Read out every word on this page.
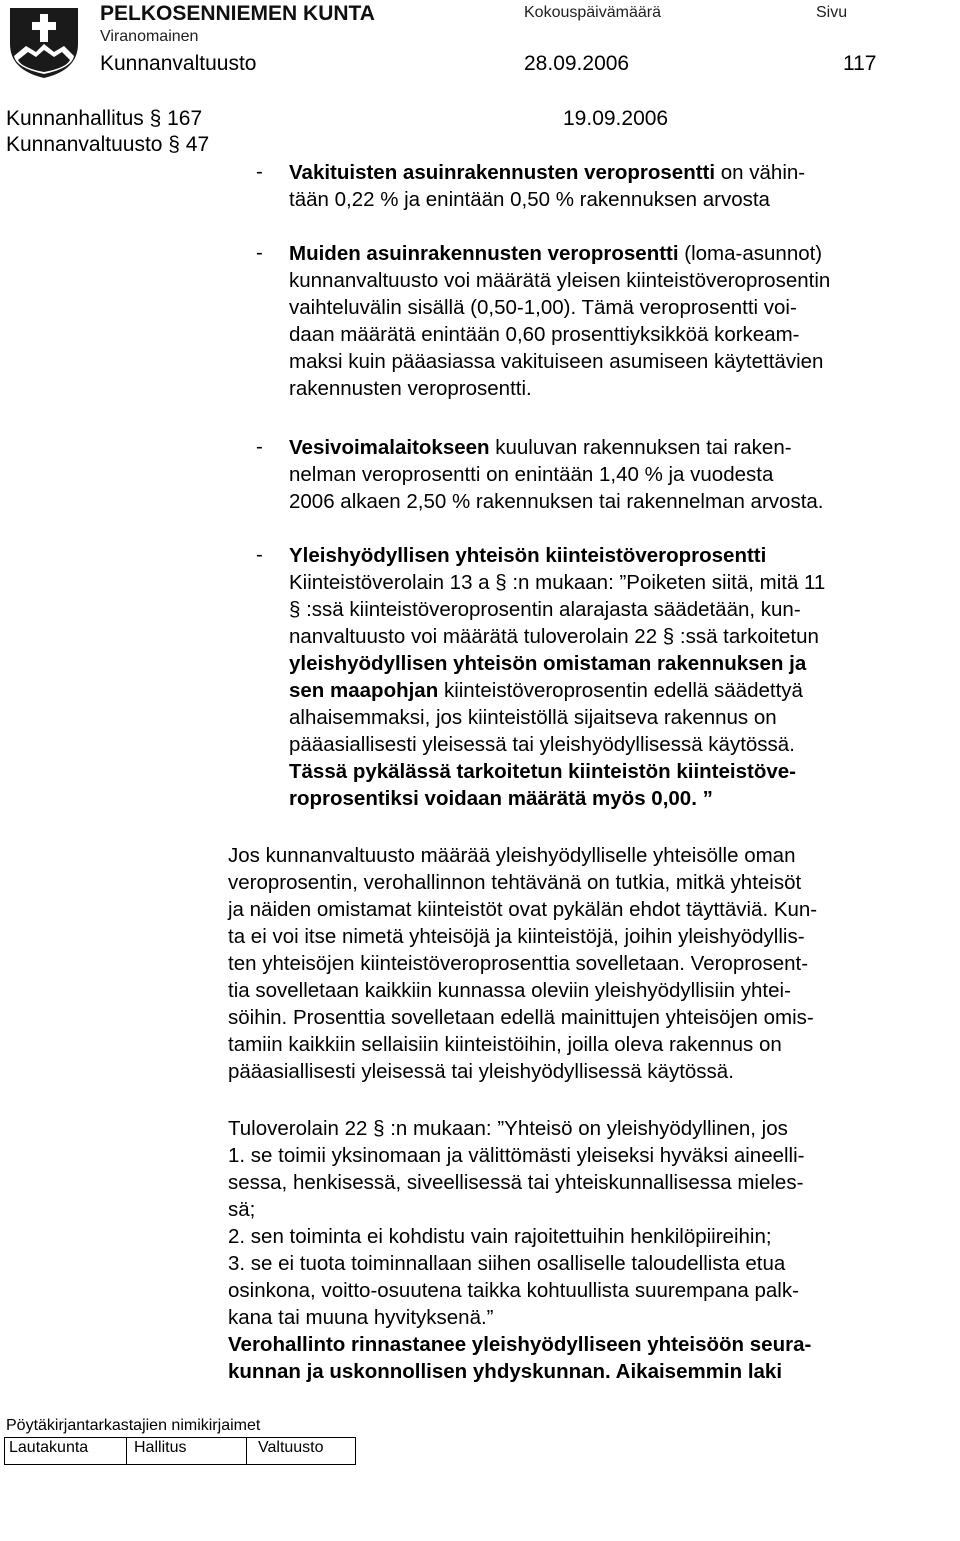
PELKOSENNIEMEN KUNTA
Viranomainen
Kunnanvaltuusto
Kokouspäivämäärä
28.09.2006
Sivu
117
Kunnanhallitus § 167	19.09.2006
Kunnanvaltuusto § 47
- Vakituisten asuinrakennusten veroprosentti on vähin-
tään 0,22 % ja enintään 0,50 % rakennuksen arvosta
- Muiden asuinrakennusten veroprosentti (loma-asunnot)
kunnanvaltuusto voi määrätä yleisen kiinteistöveroprosentin
vaihteluvälin sisällä (0,50-1,00). Tämä veroprosentti voi-
daan määrätä enintään 0,60 prosenttiyksikköä korkeam-
maksi kuin pääasiassa vakituiseen asumiseen käytettävien
rakennusten veroprosentti.
- Vesivoimalaitokseen kuuluvan rakennuksen tai raken-
nelman veroprosentti on enintään 1,40 % ja vuodesta
2006 alkaen 2,50 % rakennuksen tai rakennelman arvosta.
- Yleishyödyllisen yhteisön kiinteistöveroprosentti
Kiinteistöverolain 13 a § :n mukaan: ”Poiketen siitä, mitä 11
§ :ssä kiinteistöveroprosentin alarajasta säädetään, kun-
nanvaltuusto voi määrätä tuloverolain 22 § :ssä tarkoitetun
yleishyödyllisen yhteisön omistaman rakennuksen ja
sen maapohjan kiinteistöveroprosentin edellä säädettyä
alhaisemmaksi, jos kiinteistöllä sijaitseva rakennus on
pääasiallisesti yleisessä tai yleishyödyllisessä käytössä.
Tässä pykälässä tarkoitetun kiinteistön kiinteistöve-
roprosentiksi voidaan määrätä myös 0,00. ”
Jos kunnanvaltuusto määrää yleishyödylliselle yhteisölle oman
veroprosentin, verohallinnon tehtävänä on tutkia, mitkä yhteisöt
ja näiden omistamat kiinteistöt ovat pykälän ehdot täyttäviä. Kun-
ta ei voi itse nimetä yhteisöjä ja kiinteistöjä, joihin yleishyödyllis-
ten yhteisöjen kiinteistöveroprosenttia sovelletaan. Veroprosent-
tia sovelletaan kaikkiin kunnassa oleviin yleishyödyllisiin yhtei-
söihin. Prosenttia sovelletaan edellä mainittujen yhteisöjen omis-
tamiin kaikkiin sellaisiin kiinteistöihin, joilla oleva rakennus on
pääasiallisesti yleisessä tai yleishyödyllisessä käytössä.
Tuloverolain 22 § :n mukaan: ”Yhteisö on yleishyödyllinen, jos
1. se toimii yksinomaan ja välittömästi yleiseksi hyväksi aineelli-
sessa, henkisessä, siveellisessä tai yhteiskunnallisessa mieles-
sä;
2. sen toiminta ei kohdistu vain rajoitettuihin henkilöpiireihin;
3. se ei tuota toiminnallaan siihen osalliselle taloudellista etua
osinkona, voitto-osuutena taikka kohtuullista suurempana palk-
kana tai muuna hyvityksenä.”
Verohallinto rinnastanee yleishyödylliseen yhteisöön seura-
kunnan ja uskonnollisen yhdyskunnan. Aikaisemmin laki
Pöytäkirjantarkastajien nimikirjaimet
Lautakunta	Hallitus	Valtuusto
